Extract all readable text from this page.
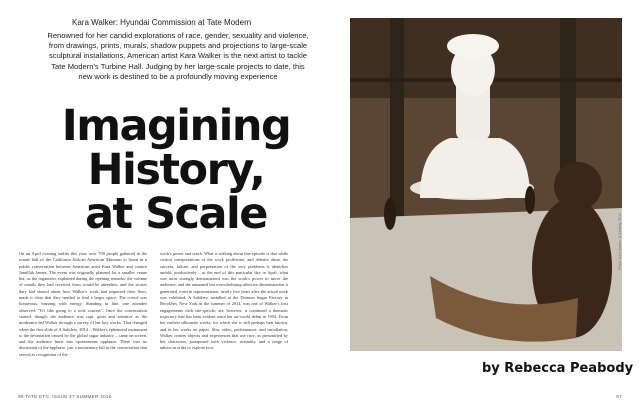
Kara Walker: Hyundai Commission at Tate Modern
Renowned for her candid explorations of race, gender, sexuality and violence, from drawings, prints, murals, shadow puppets and projections to large-scale sculptural installations, American artist Kara Walker is the next artist to tackle Tate Modern's Turbine Hall. Judging by her large-scale projects to date, this new work is destined to be a profoundly moving experience
Imagining
History,
at Scale
On an April evening earlier this year, over 700 people gathered in the ornate hall of the California African American Museum to listen in a public conversation between American artist Kara Walker and curator Jamillah James. The event was originally planned for a smaller venue but, as the organisers explained during the opening remarks, the volume of emails they had received from would-be attendees, and the stories they had shared about how Walker's work had impacted their lives, made it clear that they needed to find a larger space. The crowd was boisterous, buzzing with energy. Standing in line, one attendee observed: "It's like going to a rock concert". Once the conversation started, though, the audience was rapt: quiet and attentive as the moderator led Walker through a survey of her key works. That changed when the first slide of A Subtlety, 2014 – Walker's ephemeral monument to the devastation caused by the global sugar industry – came on screen, and the audience burst into spontaneous applause. There was no discussion of the applause, just a momentary lull in the conversation that served as recognition of the
work's power and reach. What is striking about this episode is that while critical interpretations of the work proliferate, and debates about the success, failure, and perpetuation of the very problems it identifies unfold, productively – at the end of this particular day in April, what was most strongly demonstrated was the work's power to move the audience, and the unnamed but overwhelming affective demonstration it generated, even in representation, nearly five years after the actual work was exhibited. A Subtlety, installed at the Domino Sugar Factory in Brooklyn, New York in the summer of 2014, was one of Walker's first engagements with site-specific art; however, it continued a thematic trajectory that has been evident since her art-world debut in 1994. From her earliest silhouette works, for which she is still perhaps best known, and in her works on paper, film, video, performance, and installation, Walker creates objects and experiences that use race, as personified by her characters, juxtaposed with violence, sexuality, and a range of taboos in order to explore how
96 TATE ETC. ISSUE 47 SUMMER 2019
Photo: Kara Walker, A Subtlety, 2014
by Rebecca Peabody
97
